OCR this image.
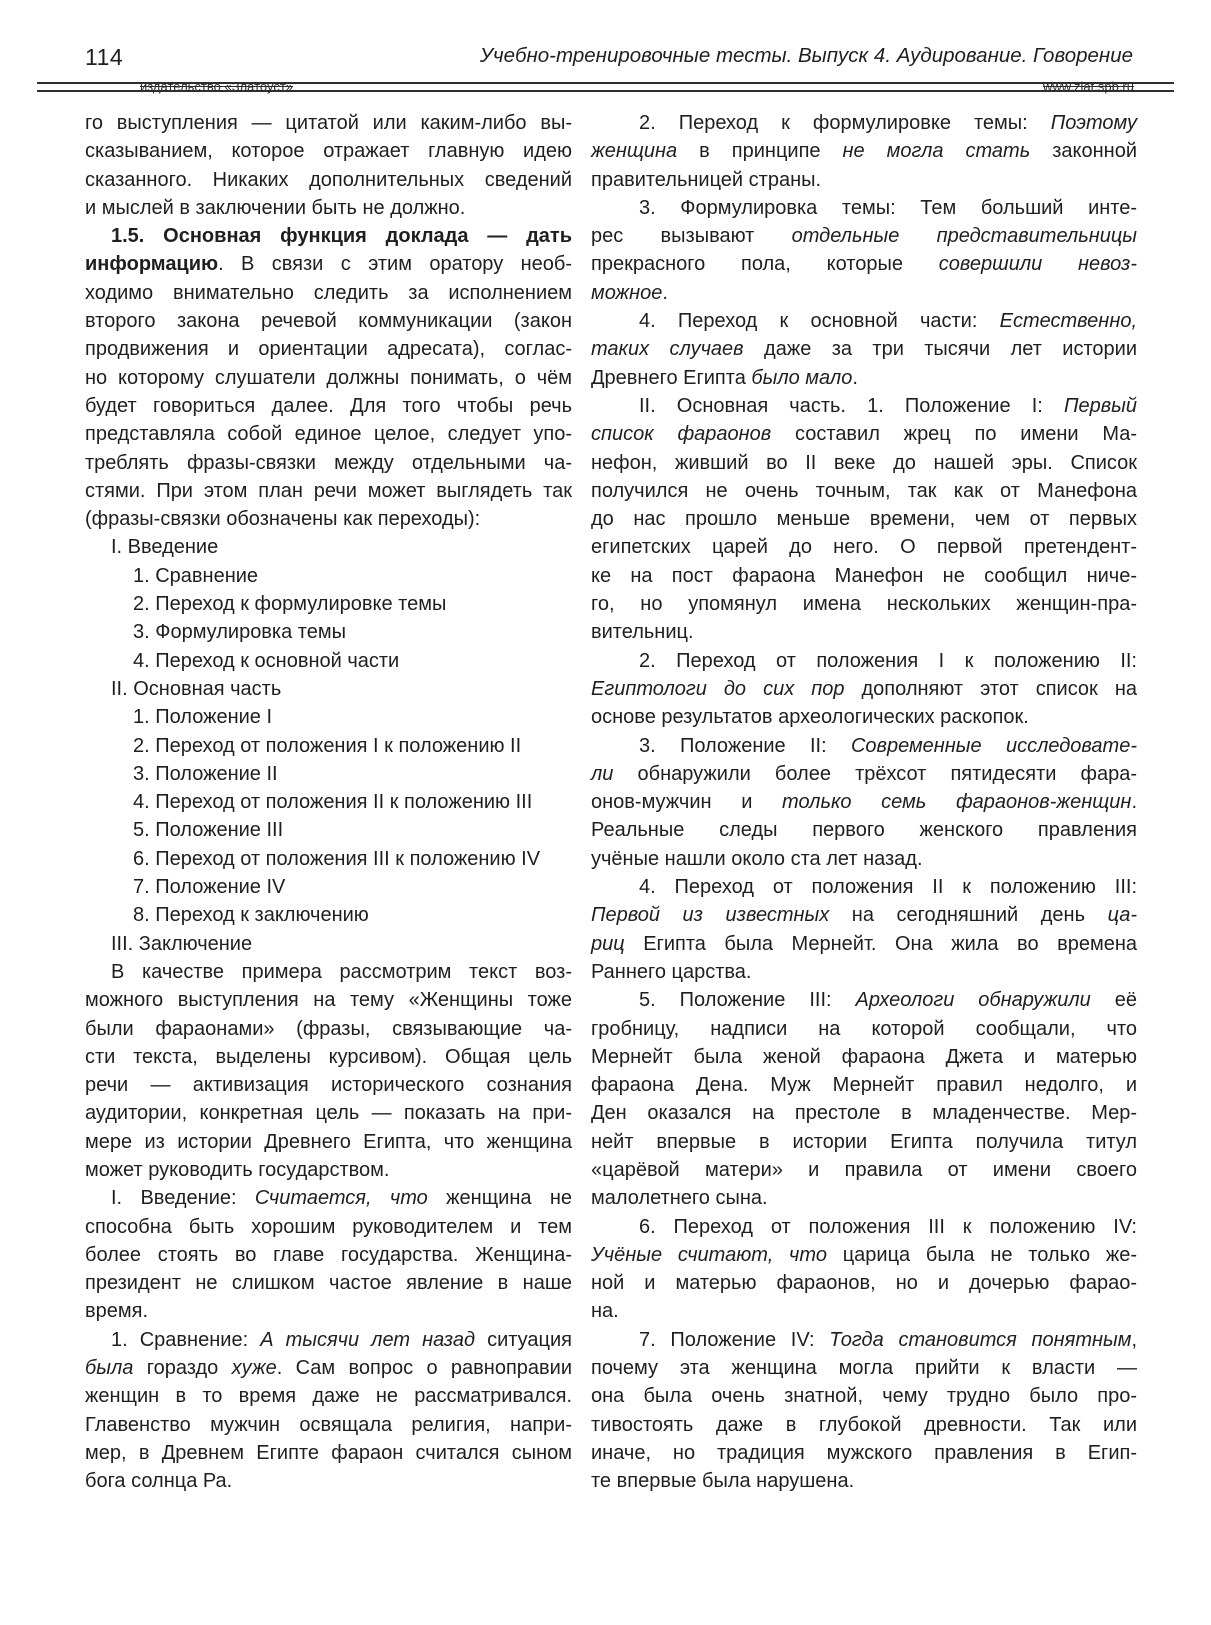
114	Учебно-тренировочные тесты. Выпуск 4. Аудирование. Говорение
издательство «Златоуст»	www.zlat.spb.ru
го выступления — цитатой или каким-либо вы-
сказыванием, которое отражает главную идею
сказанного. Никаких дополнительных сведений
и мыслей в заключении быть не должно.
1.5. Основная функция доклада — дать
информацию. В связи с этим оратору необ-
ходимо внимательно следить за исполнением
второго закона речевой коммуникации (закон
продвижения и ориентации адресата), соглас-
но которому слушатели должны понимать, о чём
будет говориться далее. Для того чтобы речь
представляла собой единое целое, следует упо-
треблять фразы-связки между отдельными ча-
стями. При этом план речи может выглядеть так
(фразы-связки обозначены как переходы):
I. Введение
1. Сравнение
2. Переход к формулировке темы
3. Формулировка темы
4. Переход к основной части
II. Основная часть
1. Положение I
2. Переход от положения I к положению II
3. Положение II
4. Переход от положения II к положению III
5. Положение III
6. Переход от положения III к положению IV
7. Положение IV
8. Переход к заключению
III. Заключение
В качестве примера рассмотрим текст воз-
можного выступления на тему «Женщины тоже
были фараонами» (фразы, связывающие ча-
сти текста, выделены курсивом). Общая цель
речи — активизация исторического сознания
аудитории, конкретная цель — показать на при-
мере из истории Древнего Египта, что женщина
может руководить государством.
I. Введение: Считается, что женщина не
способна быть хорошим руководителем и тем
более стоять во главе государства. Женщина-
президент не слишком частое явление в наше
время.
1. Сравнение: А тысячи лет назад ситуация
была гораздо хуже. Сам вопрос о равноправии
женщин в то время даже не рассматривался.
Главенство мужчин освящала религия, напри-
мер, в Древнем Египте фараон считался сыном
бога солнца Ра.
2. Переход к формулировке темы: Поэтому
женщина в принципе не могла стать законной
правительницей страны.
3. Формулировка темы: Тем больший инте-
рес вызывают отдельные представительницы
прекрасного пола, которые совершили невоз-
можное.
4. Переход к основной части: Естественно,
таких случаев даже за три тысячи лет истории
Древнего Египта было мало.
II. Основная часть. 1. Положение I: Первый
список фараонов составил жрец по имени Ма-
нефон, живший во II веке до нашей эры. Список
получился не очень точным, так как от Манефона
до нас прошло меньше времени, чем от первых
египетских царей до него. О первой претендент-
ке на пост фараона Манефон не сообщил ниче-
го, но упомянул имена нескольких женщин-пра-
вительниц.
2. Переход от положения I к положению II:
Египтологи до сих пор дополняют этот список на
основе результатов археологических раскопок.
3. Положение II: Современные исследовате-
ли обнаружили более трёхсот пятидесяти фара-
онов-мужчин и только семь фараонов-женщин.
Реальные следы первого женского правления
учёные нашли около ста лет назад.
4. Переход от положения II к положению III:
Первой из известных на сегодняшний день ца-
риц Египта была Мернейт. Она жила во времена
Раннего царства.
5. Положение III: Археологи обнаружили её
гробницу, надписи на которой сообщали, что
Мернейт была женой фараона Джета и матерью
фараона Дена. Муж Мернейт правил недолго, и
Ден оказался на престоле в младенчестве. Мер-
нейт впервые в истории Египта получила титул
«царёвой матери» и правила от имени своего
малолетнего сына.
6. Переход от положения III к положению IV:
Учёные считают, что царица была не только же-
ной и матерью фараонов, но и дочерью фарао-
на.
7. Положение IV: Тогда становится понятным,
почему эта женщина могла прийти к власти —
она была очень знатной, чему трудно было про-
тивостоять даже в глубокой древности. Так или
иначе, но традиция мужского правления в Егип-
те впервые была нарушена.
